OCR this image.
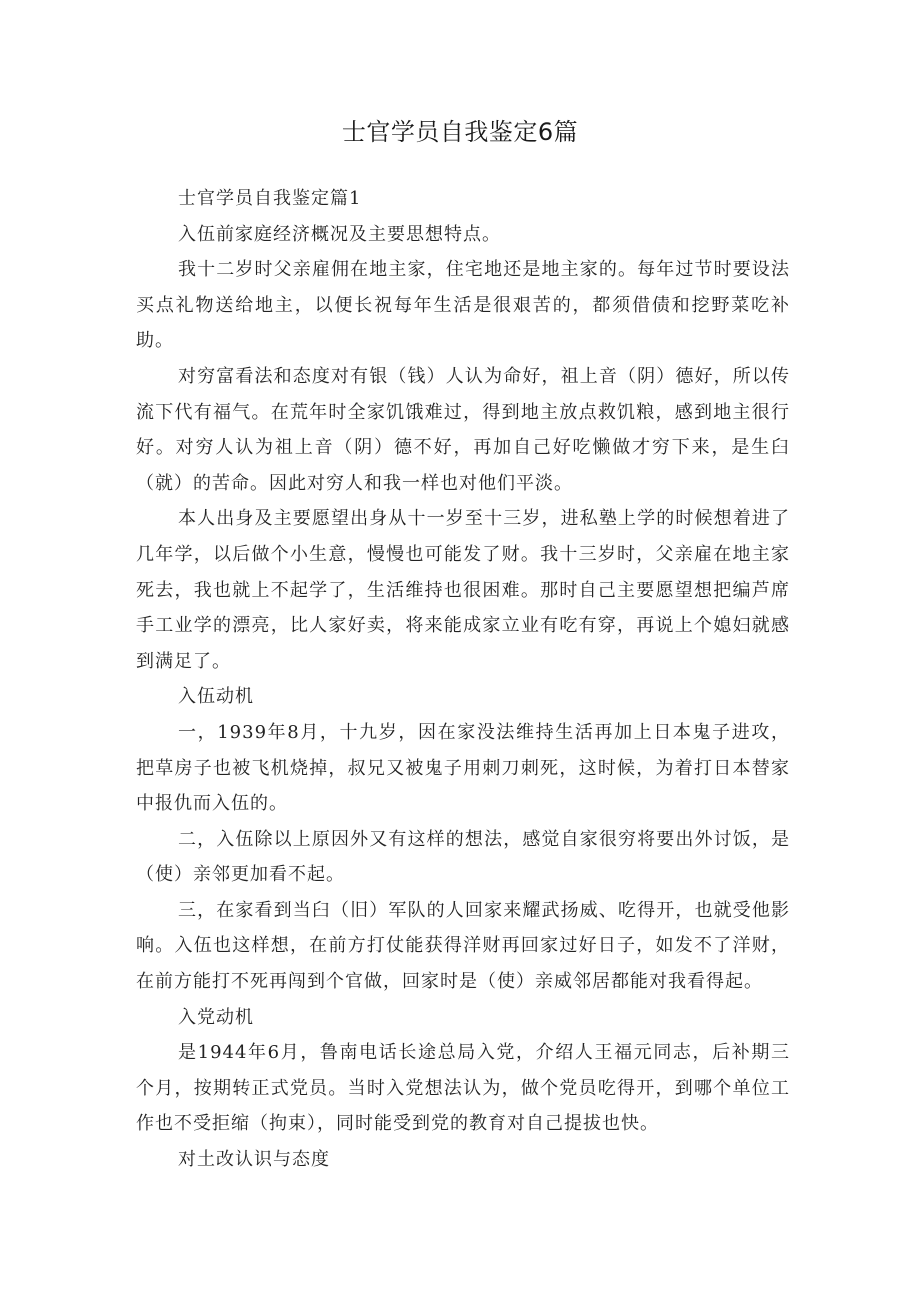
士官学员自我鉴定6篇

士官学员自我鉴定篇1

入伍前家庭经济概况及主要思想特点。

我十二岁时父亲雇佣在地主家，住宅地还是地主家的。每年过节时要设法买点礼物送给地主，以便长祝每年生活是很艰苦的，都须借债和挖野菜吃补助。

对穷富看法和态度对有银（钱）人认为命好，祖上音（阴）德好，所以传流下代有福气。在荒年时全家饥饿难过，得到地主放点救饥粮，感到地主很行好。对穷人认为祖上音（阴）德不好，再加自己好吃懒做才穷下来，是生臼（就）的苦命。因此对穷人和我一样也对他们平淡。

本人出身及主要愿望出身从十一岁至十三岁，进私塾上学的时候想着进了几年学，以后做个小生意，慢慢也可能发了财。我十三岁时，父亲雇在地主家死去，我也就上不起学了，生活维持也很困难。那时自己主要愿望想把编芦席手工业学的漂亮，比人家好卖，将来能成家立业有吃有穿，再说上个媳妇就感到满足了。

入伍动机

一，1939年8月，十九岁，因在家没法维持生活再加上日本鬼子进攻，把草房子也被飞机烧掉，叔兄又被鬼子用刺刀刺死，这时候，为着打日本替家中报仇而入伍的。

二，入伍除以上原因外又有这样的想法，感觉自家很穷将要出外讨饭，是（使）亲邻更加看不起。

三，在家看到当臼（旧）军队的人回家来耀武扬威、吃得开，也就受他影响。入伍也这样想，在前方打仗能获得洋财再回家过好日子，如发不了洋财，在前方能打不死再闯到个官做，回家时是（使）亲威邻居都能对我看得起。

入党动机

是1944年6月，鲁南电话长途总局入党，介绍人王福元同志，后补期三个月，按期转正式党员。当时入党想法认为，做个党员吃得开，到哪个单位工作也不受拒缩（拘束），同时能受到党的教育对自己提拔也快。

对土改认识与态度
